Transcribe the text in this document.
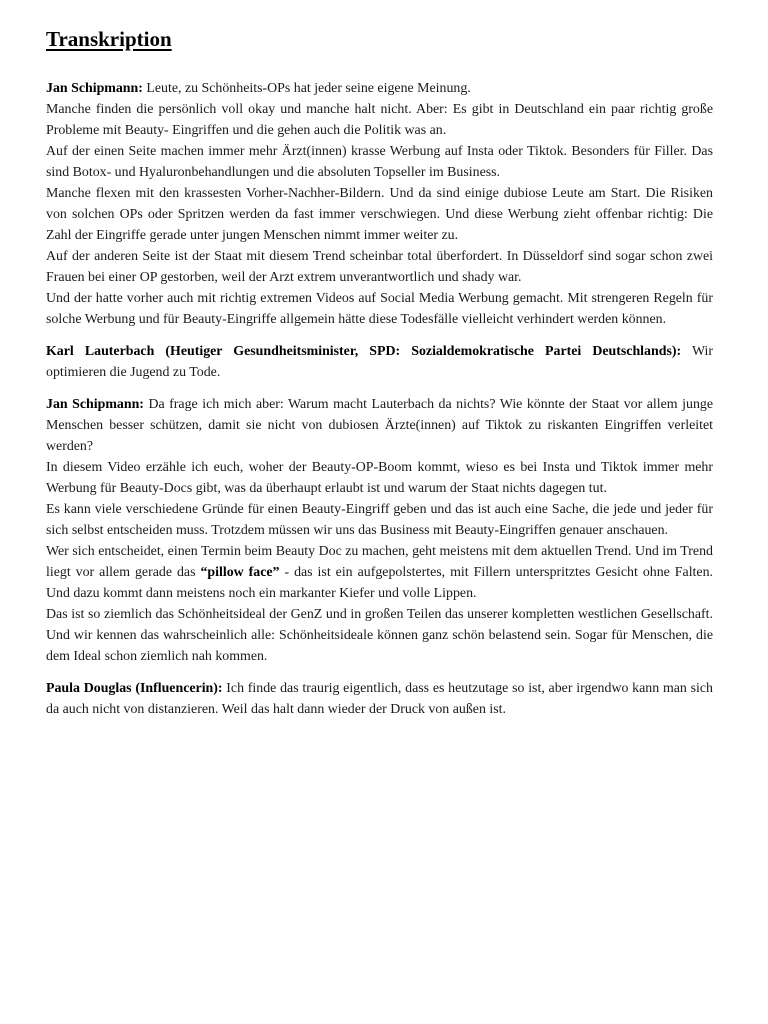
Transkription

Jan Schipmann: Leute, zu Schönheits-OPs hat jeder seine eigene Meinung.

Manche finden die persönlich voll okay und manche halt nicht. Aber: Es gibt in Deutschland ein paar richtig große Probleme mit Beauty- Eingriffen und die gehen auch die Politik was an.

Auf der einen Seite machen immer mehr Ärzt(innen) krasse Werbung auf Insta oder Tiktok. Besonders für Filler. Das sind Botox- und Hyaluronbehandlungen und die absoluten Topseller im Business.

Manche flexen mit den krassesten Vorher-Nachher-Bildern. Und da sind einige dubiose Leute am Start. Die Risiken von solchen OPs oder Spritzen werden da fast immer verschwiegen. Und diese Werbung zieht offenbar richtig: Die Zahl der Eingriffe gerade unter jungen Menschen nimmt immer weiter zu.

Auf der anderen Seite ist der Staat mit diesem Trend scheinbar total überfordert. In Düsseldorf sind sogar schon zwei Frauen bei einer OP gestorben, weil der Arzt extrem unverantwortlich und shady war.

Und der hatte vorher auch mit richtig extremen Videos auf Social Media Werbung gemacht. Mit strengeren Regeln für solche Werbung und für Beauty-Eingriffe allgemein hätte diese Todesfälle vielleicht verhindert werden können.

Karl Lauterbach (Heutiger Gesundheitsminister, SPD: Sozialdemokratische Partei Deutschlands): Wir optimieren die Jugend zu Tode.

Jan Schipmann: Da frage ich mich aber: Warum macht Lauterbach da nichts? Wie könnte der Staat vor allem junge Menschen besser schützen, damit sie nicht von dubiosen Ärzte(innen) auf Tiktok zu riskanten Eingriffen verleitet werden?

In diesem Video erzähle ich euch, woher der Beauty-OP-Boom kommt, wieso es bei Insta und Tiktok immer mehr Werbung für Beauty-Docs gibt, was da überhaupt erlaubt ist und warum der Staat nichts dagegen tut.

Es kann viele verschiedene Gründe für einen Beauty-Eingriff geben und das ist auch eine Sache, die jede und jeder für sich selbst entscheiden muss. Trotzdem müssen wir uns das Business mit Beauty-Eingriffen genauer anschauen.

Wer sich entscheidet, einen Termin beim Beauty Doc zu machen, geht meistens mit dem aktuellen Trend. Und im Trend liegt vor allem gerade das “pillow face” - das ist ein aufgepolstertes, mit Fillern unterspritztes Gesicht ohne Falten. Und dazu kommt dann meistens noch ein markanter Kiefer und volle Lippen.

Das ist so ziemlich das Schönheitsideal der GenZ und in großen Teilen das unserer kompletten westlichen Gesellschaft. Und wir kennen das wahrscheinlich alle: Schönheitsideale können ganz schön belastend sein. Sogar für Menschen, die dem Ideal schon ziemlich nah kommen.

Paula Douglas (Influencerin): Ich finde das traurig eigentlich, dass es heutzutage so ist, aber irgendwo kann man sich da auch nicht von distanzieren. Weil das halt dann wieder der Druck von außen ist.
